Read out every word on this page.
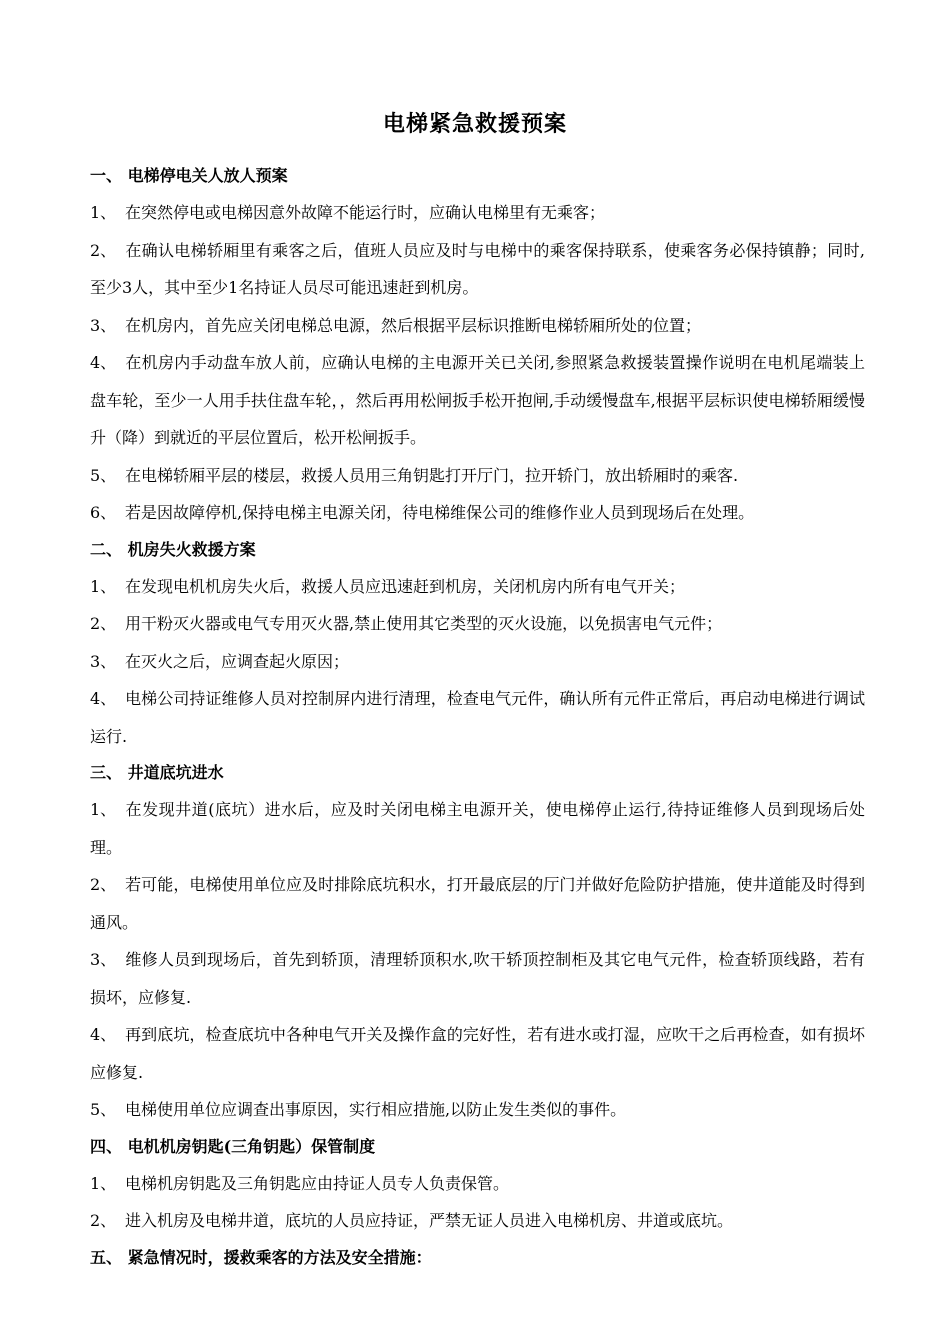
电梯紧急救援预案
一、 电梯停电关人放人预案
1、 在突然停电或电梯因意外故障不能运行时，应确认电梯里有无乘客；
2、 在确认电梯轿厢里有乘客之后，值班人员应及时与电梯中的乘客保持联系，使乘客务必保持镇静；同时,至少3人，其中至少1名持证人员尽可能迅速赶到机房。
3、 在机房内，首先应关闭电梯总电源，然后根据平层标识推断电梯轿厢所处的位置；
4、 在机房内手动盘车放人前，应确认电梯的主电源开关已关闭,参照紧急救援装置操作说明在电机尾端装上盘车轮，至少一人用手扶住盘车轮，，然后再用松闸扳手松开抱闸,手动缓慢盘车,根据平层标识使电梯轿厢缓慢升（降）到就近的平层位置后，松开松闸扳手。
5、 在电梯轿厢平层的楼层，救援人员用三角钥匙打开厅门，拉开轿门，放出轿厢时的乘客.
6、 若是因故障停机,保持电梯主电源关闭，待电梯维保公司的维修作业人员到现场后在处理。
二、 机房失火救援方案
1、 在发现电机机房失火后，救援人员应迅速赶到机房，关闭机房内所有电气开关；
2、 用干粉灭火器或电气专用灭火器,禁止使用其它类型的灭火设施，以免损害电气元件；
3、 在灭火之后，应调查起火原因；
4、 电梯公司持证维修人员对控制屏内进行清理，检查电气元件，确认所有元件正常后，再启动电梯进行调试运行.
三、 井道底坑进水
1、 在发现井道(底坑）进水后，应及时关闭电梯主电源开关，使电梯停止运行,待持证维修人员到现场后处理。
2、 若可能，电梯使用单位应及时排除底坑积水，打开最底层的厅门并做好危险防护措施，使井道能及时得到通风。
3、 维修人员到现场后，首先到轿顶，清理轿顶积水,吹干轿顶控制柜及其它电气元件，检查轿顶线路，若有损坏，应修复.
4、 再到底坑，检查底坑中各种电气开关及操作盒的完好性，若有进水或打湿，应吹干之后再检查，如有损坏应修复.
5、 电梯使用单位应调查出事原因，实行相应措施,以防止发生类似的事件。
四、 电机机房钥匙(三角钥匙）保管制度
1、 电梯机房钥匙及三角钥匙应由持证人员专人负责保管。
2、 进入机房及电梯井道，底坑的人员应持证，严禁无证人员进入电梯机房、井道或底坑。
五、 紧急情况时，援救乘客的方法及安全措施：
